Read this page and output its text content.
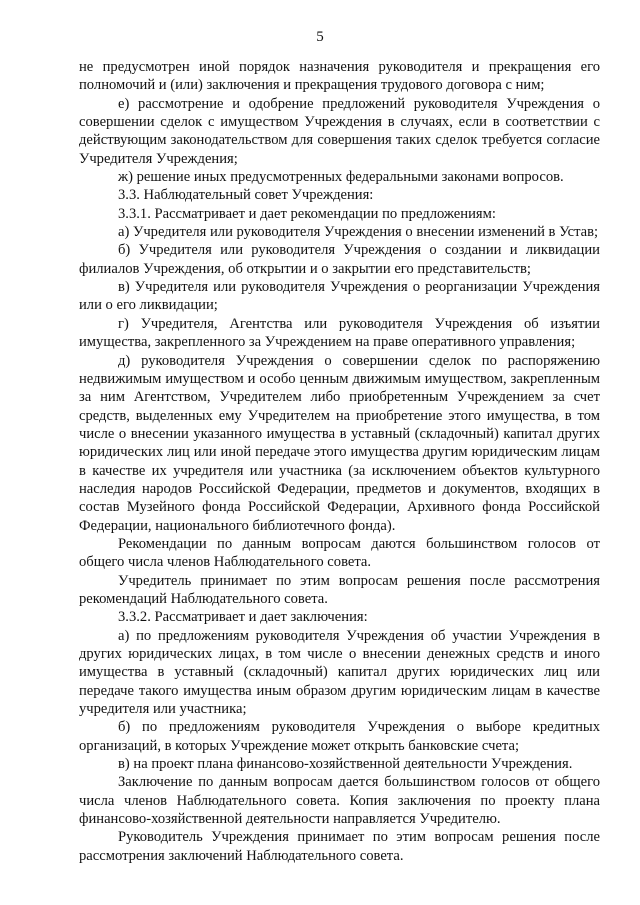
5

не предусмотрен иной порядок назначения руководителя и прекращения его полномочий и (или) заключения и прекращения трудового договора с ним;

е) рассмотрение и одобрение предложений руководителя Учреждения о совершении сделок с имуществом Учреждения в случаях, если в соответствии с действующим законодательством для совершения таких сделок требуется согласие Учредителя Учреждения;

ж) решение иных предусмотренных федеральными законами вопросов.

3.3. Наблюдательный совет Учреждения:

3.3.1. Рассматривает и дает рекомендации по предложениям:

а) Учредителя или руководителя Учреждения о внесении изменений в Устав;

б) Учредителя или руководителя Учреждения о создании и ликвидации филиалов Учреждения, об открытии и о закрытии его представительств;

в) Учредителя или руководителя Учреждения о реорганизации Учреждения или о его ликвидации;

г) Учредителя, Агентства или руководителя Учреждения об изъятии имущества, закрепленного за Учреждением на праве оперативного управления;

д) руководителя Учреждения о совершении сделок по распоряжению недвижимым имуществом и особо ценным движимым имуществом, закрепленным за ним Агентством, Учредителем либо приобретенным Учреждением за счет средств, выделенных ему Учредителем на приобретение этого имущества, в том числе о внесении указанного имущества в уставный (складочный) капитал других юридических лиц или иной передаче этого имущества другим юридическим лицам в качестве их учредителя или участника (за исключением объектов культурного наследия народов Российской Федерации, предметов и документов, входящих в состав Музейного фонда Российской Федерации, Архивного фонда Российской Федерации, национального библиотечного фонда).

Рекомендации по данным вопросам даются большинством голосов от общего числа членов Наблюдательного совета.

Учредитель принимает по этим вопросам решения после рассмотрения рекомендаций Наблюдательного совета.

3.3.2. Рассматривает и дает заключения:

а) по предложениям руководителя Учреждения об участии Учреждения в других юридических лицах, в том числе о внесении денежных средств и иного имущества в уставный (складочный) капитал других юридических лиц или передаче такого имущества иным образом другим юридическим лицам в качестве учредителя или участника;

б) по предложениям руководителя Учреждения о выборе кредитных организаций, в которых Учреждение может открыть банковские счета;

в) на проект плана финансово-хозяйственной деятельности Учреждения.

Заключение по данным вопросам дается большинством голосов от общего числа членов Наблюдательного совета. Копия заключения по проекту плана финансово-хозяйственной деятельности направляется Учредителю.

Руководитель Учреждения принимает по этим вопросам решения после рассмотрения заключений Наблюдательного совета.
